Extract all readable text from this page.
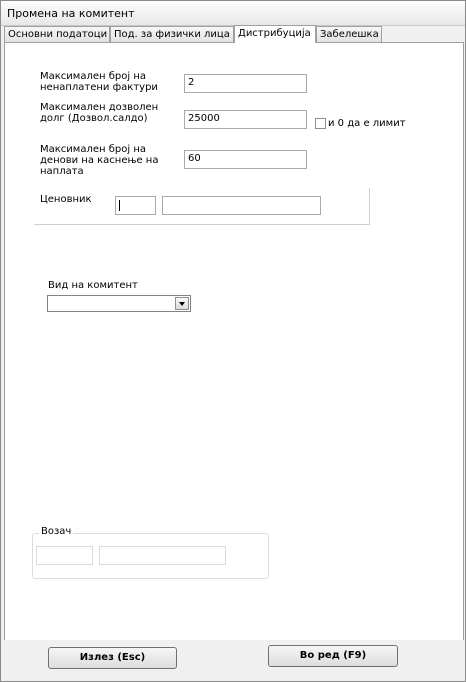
Промена на комитент
Основни податоци Под. за физички лица Дистрибуција Забелешка
Максимален број на
ненаплатени фактури	2
Максимален дозволен
долг (Дозвол.салдо)	25000	и 0 да е лимит
Максимален број на
денови на каснење на
наплата
60
Ценовник
Вид на комитент
Возач
Излез (Esc)	Во ред (F9)
